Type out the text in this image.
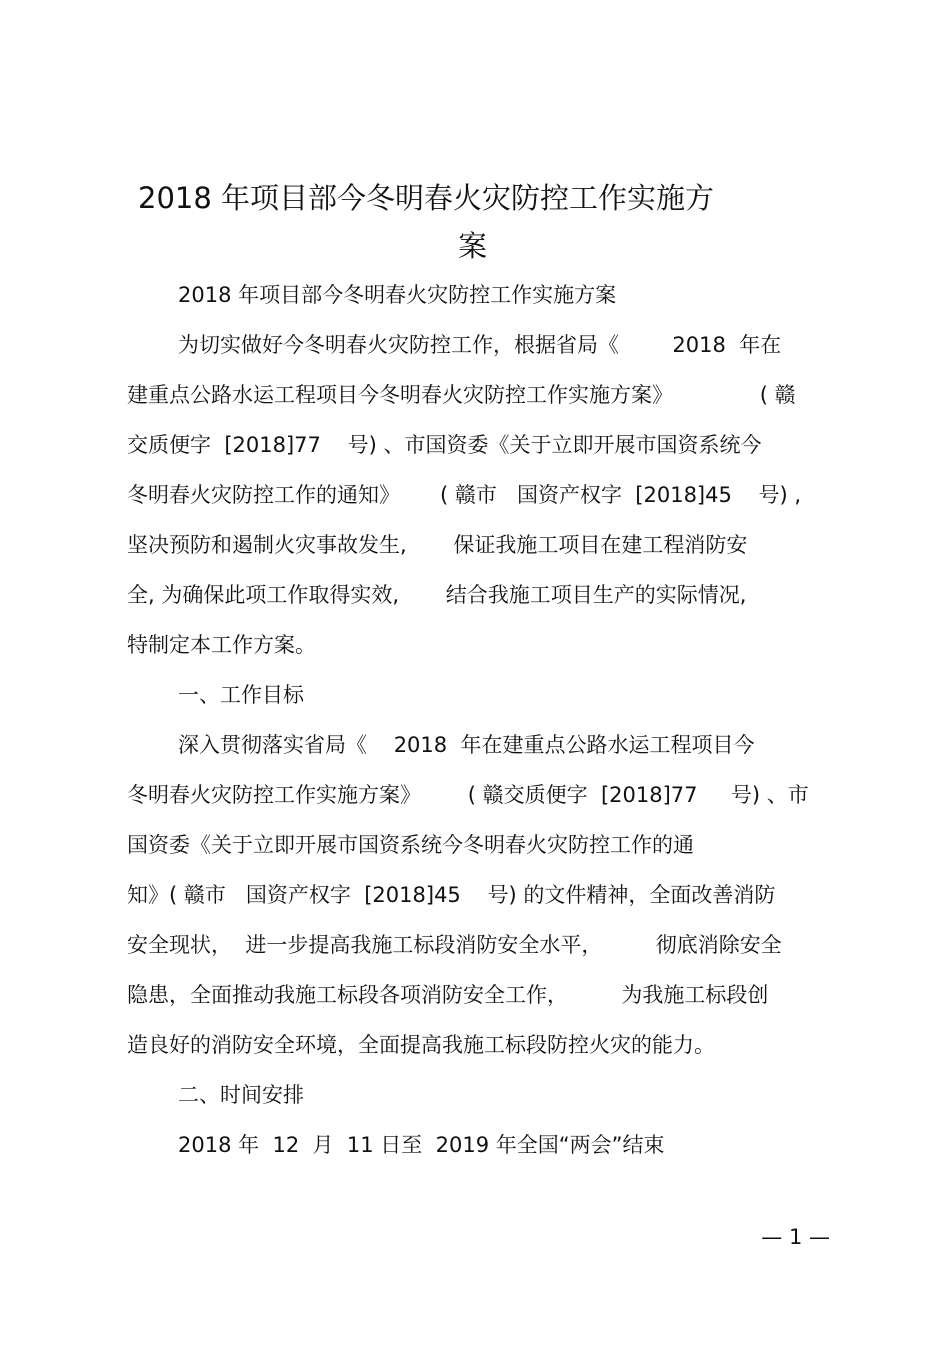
2018 年项目部今冬明春火灾防控工作实施方
案
2018 年项目部今冬明春火灾防控工作实施方案
为切实做好今冬明春火灾防控工作，根据省局《        2018  年在
建重点公路水运工程项目今冬明春火灾防控工作实施方案》             ( 赣
交质便字  [2018]77    号) 、市国资委《关于立即开展市国资系统今
冬明春火灾防控工作的通知》      ( 赣市   国资产权字  [2018]45    号) ,
坚决预防和遏制火灾事故发生,       保证我施工项目在建工程消防安
全, 为确保此项工作取得实效,       结合我施工项目生产的实际情况,
特制定本工作方案。
一、工作目标
深入贯彻落实省局《    2018  年在建重点公路水运工程项目今
冬明春火灾防控工作实施方案》       ( 赣交质便字  [2018]77     号) 、市
国资委《关于立即开展市国资系统今冬明春火灾防控工作的通
知》( 赣市   国资产权字  [2018]45    号) 的文件精神，全面改善消防
安全现状，  进一步提高我施工标段消防安全水平，        彻底消除安全
隐患，全面推动我施工标段各项消防安全工作，        为我施工标段创
造良好的消防安全环境，全面提高我施工标段防控火灾的能力。
二、时间安排
2018 年  12  月  11 日至  2019 年全国“两会”结束
— 1 —
